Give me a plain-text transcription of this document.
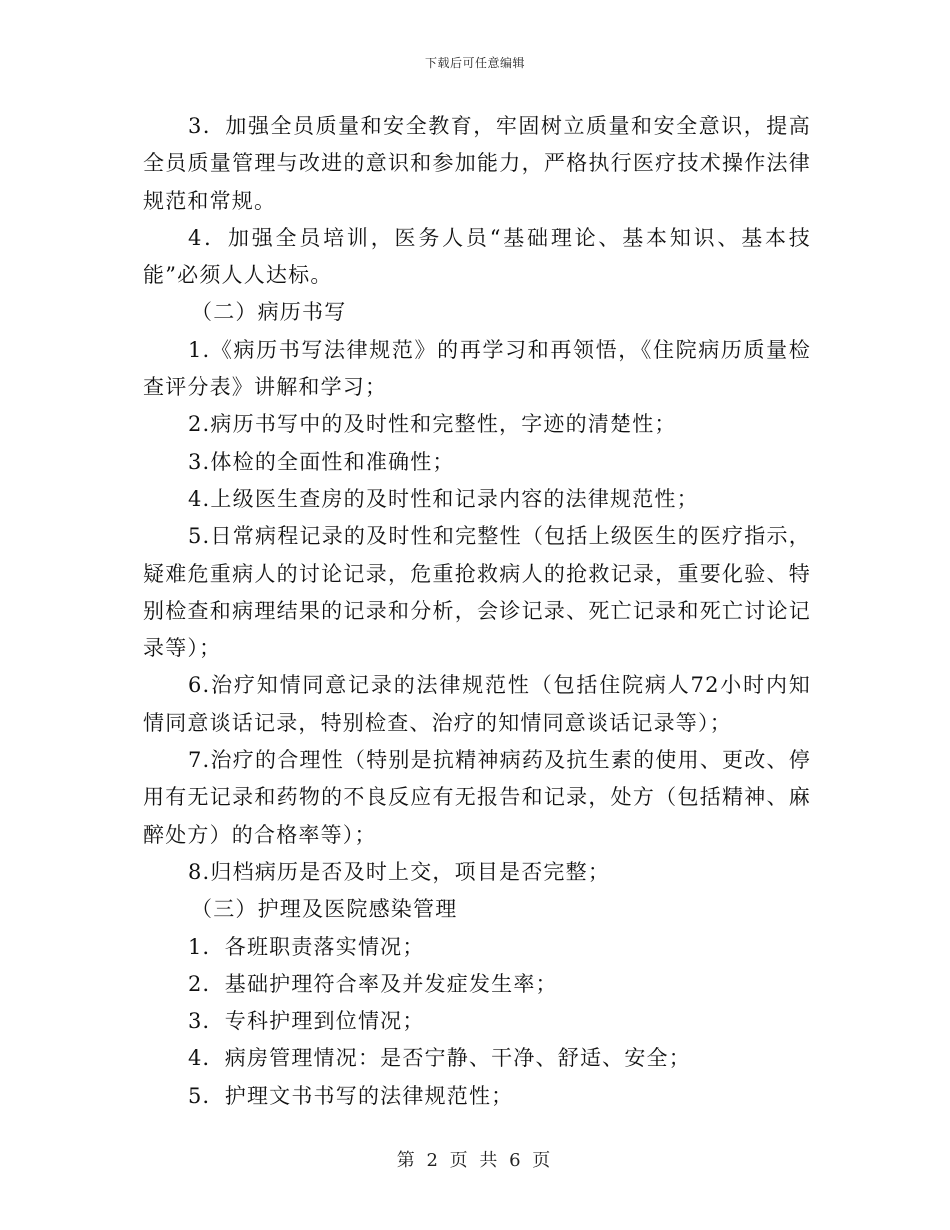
下载后可任意编辑

3．加强全员质量和安全教育，牢固树立质量和安全意识，提高全员质量管理与改进的意识和参加能力，严格执行医疗技术操作法律规范和常规。

4．加强全员培训，医务人员“基础理论、基本知识、基本技能”必须人人达标。

（二）病历书写

1.《病历书写法律规范》的再学习和再领悟，《住院病历质量检查评分表》讲解和学习；

2.病历书写中的及时性和完整性，字迹的清楚性；

3.体检的全面性和准确性；

4.上级医生查房的及时性和记录内容的法律规范性；

5.日常病程记录的及时性和完整性（包括上级医生的医疗指示，疑难危重病人的讨论记录，危重抢救病人的抢救记录，重要化验、特别检查和病理结果的记录和分析，会诊记录、死亡记录和死亡讨论记录等）；

6.治疗知情同意记录的法律规范性（包括住院病人72小时内知情同意谈话记录，特别检查、治疗的知情同意谈话记录等）；

7.治疗的合理性（特别是抗精神病药及抗生素的使用、更改、停用有无记录和药物的不良反应有无报告和记录，处方（包括精神、麻醉处方）的合格率等）；

8.归档病历是否及时上交，项目是否完整；

（三）护理及医院感染管理

1．各班职责落实情况；

2．基础护理符合率及并发症发生率；

3．专科护理到位情况；

4．病房管理情况：是否宁静、干净、舒适、安全；

5．护理文书书写的法律规范性；

第 2 页 共 6 页
